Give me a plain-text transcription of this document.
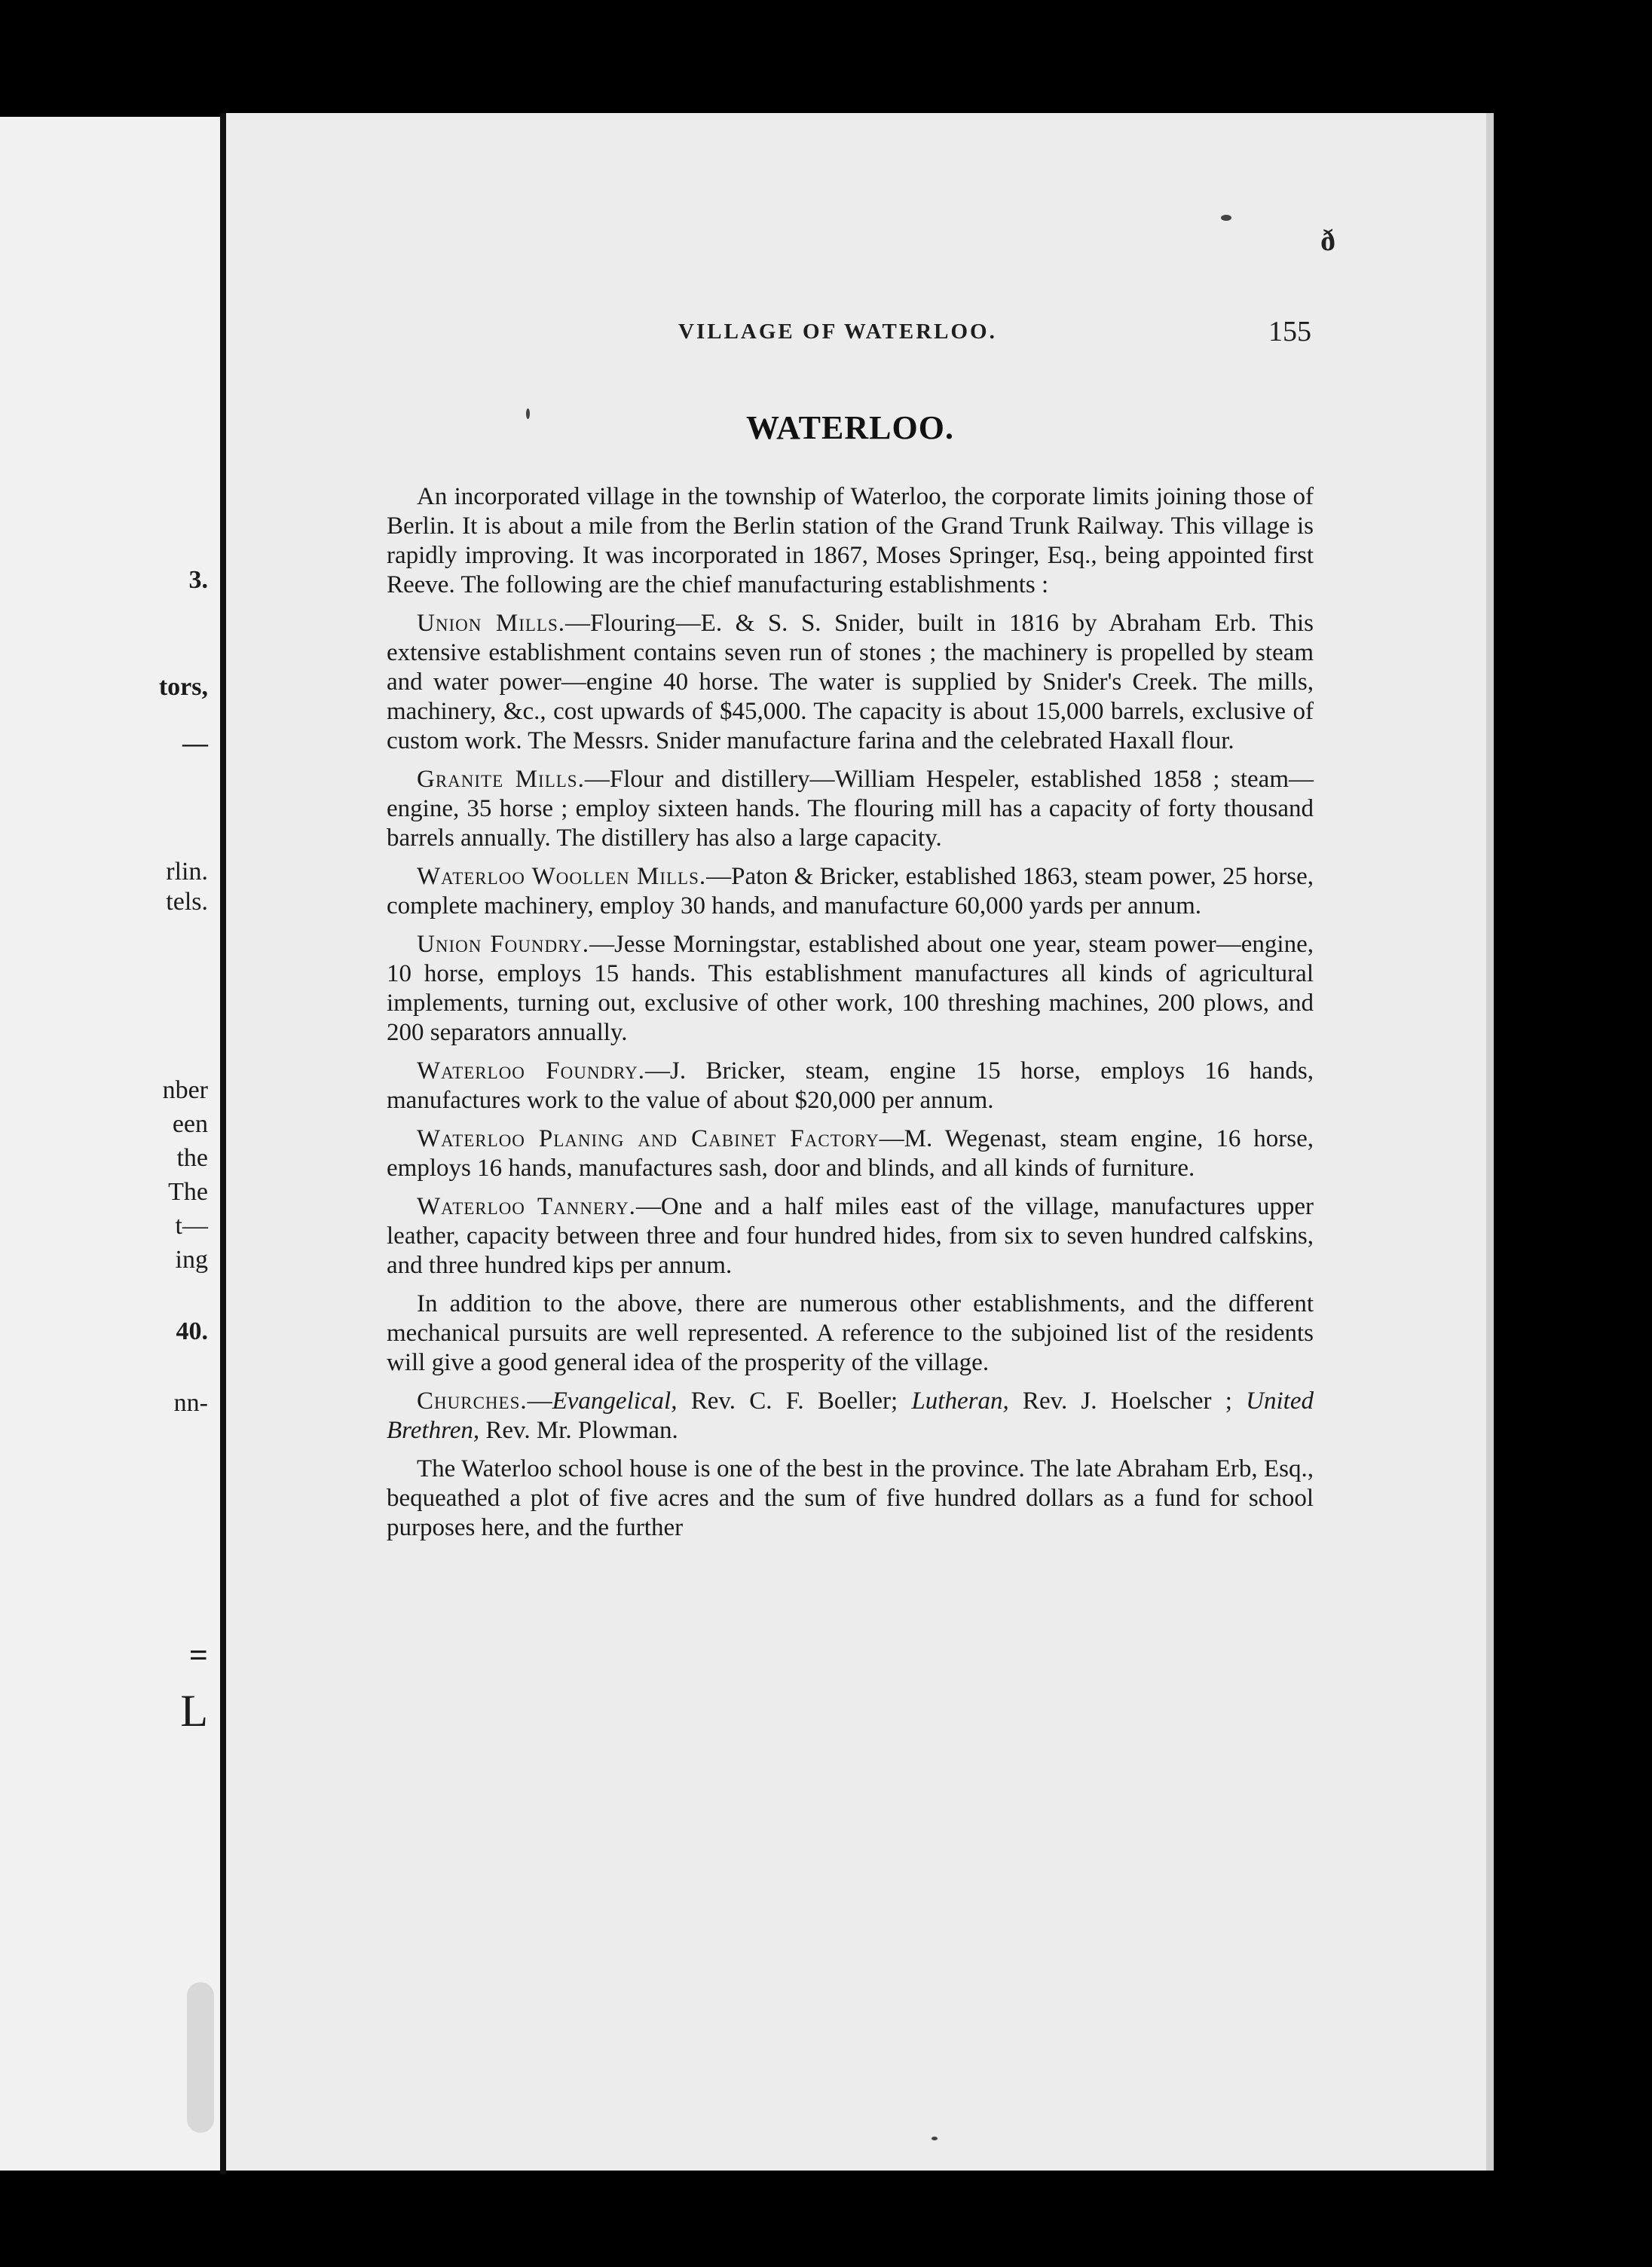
3.
tors,
—
rlin.
tels.
nber
een
the
The
t—
ing
40.
nn-
=
L
ð
VILLAGE OF WATERLOO.	155
WATERLOO.

An incorporated village in the township of Waterloo, the corporate limits joining those of Berlin. It is about a mile from the Berlin station of the Grand Trunk Railway. This village is rapidly improving. It was incorporated in 1867, Moses Springer, Esq., being appointed first Reeve. The following are the chief manufacturing establishments :

Union Mills.—Flouring—E. & S. S. Snider, built in 1816 by Abraham Erb. This extensive establishment contains seven run of stones ; the machinery is propelled by steam and water power—engine 40 horse. The water is supplied by Snider's Creek. The mills, machinery, &c., cost upwards of $45,000. The capacity is about 15,000 barrels, exclusive of custom work. The Messrs. Snider manufacture farina and the celebrated Haxall flour.

Granite Mills.—Flour and distillery—William Hespeler, established 1858 ; steam—engine, 35 horse ; employ sixteen hands. The flouring mill has a capacity of forty thousand barrels annually. The distillery has also a large capacity.

Waterloo Woollen Mills.—Paton & Bricker, established 1863, steam power, 25 horse, complete machinery, employ 30 hands, and manufacture 60,000 yards per annum.

Union Foundry.—Jesse Morningstar, established about one year, steam power—engine, 10 horse, employs 15 hands. This establishment manufactures all kinds of agricultural implements, turning out, exclusive of other work, 100 threshing machines, 200 plows, and 200 separators annually.

Waterloo Foundry.—J. Bricker, steam, engine 15 horse, employs 16 hands, manufactures work to the value of about $20,000 per annum.

Waterloo Planing and Cabinet Factory—M. Wegenast, steam engine, 16 horse, employs 16 hands, manufactures sash, door and blinds, and all kinds of furniture.

Waterloo Tannery.—One and a half miles east of the village, manufactures upper leather, capacity between three and four hundred hides, from six to seven hundred calfskins, and three hundred kips per annum.

In addition to the above, there are numerous other establishments, and the different mechanical pursuits are well represented. A reference to the subjoined list of the residents will give a good general idea of the prosperity of the village.

Churches.—Evangelical, Rev. C. F. Boeller; Lutheran, Rev. J. Hoelscher ; United Brethren, Rev. Mr. Plowman.

The Waterloo school house is one of the best in the province. The late Abraham Erb, Esq., bequeathed a plot of five acres and the sum of five hundred dollars as a fund for school purposes here, and the further
